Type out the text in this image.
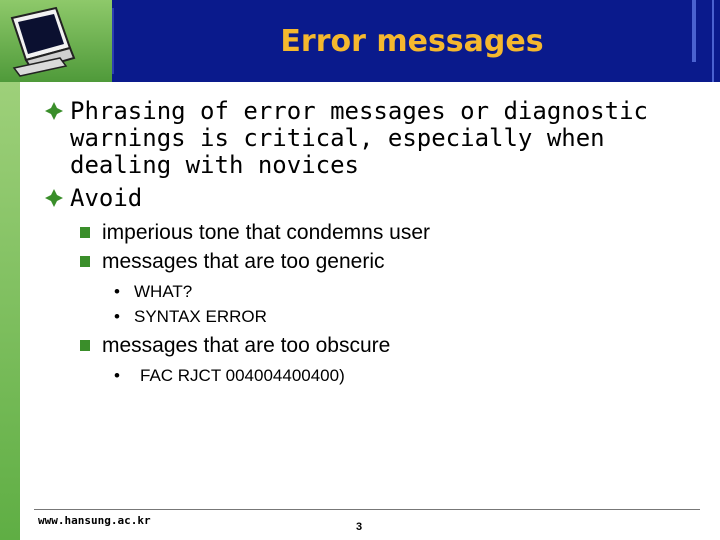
Error messages
Phrasing of error messages or diagnostic warnings is critical, especially when dealing with novices
Avoid
imperious tone that condemns user
messages that are too generic
• WHAT?
• SYNTAX ERROR
messages that are too obscure
• FAC RJCT 004004400400)
www.hansung.ac.kr	3
